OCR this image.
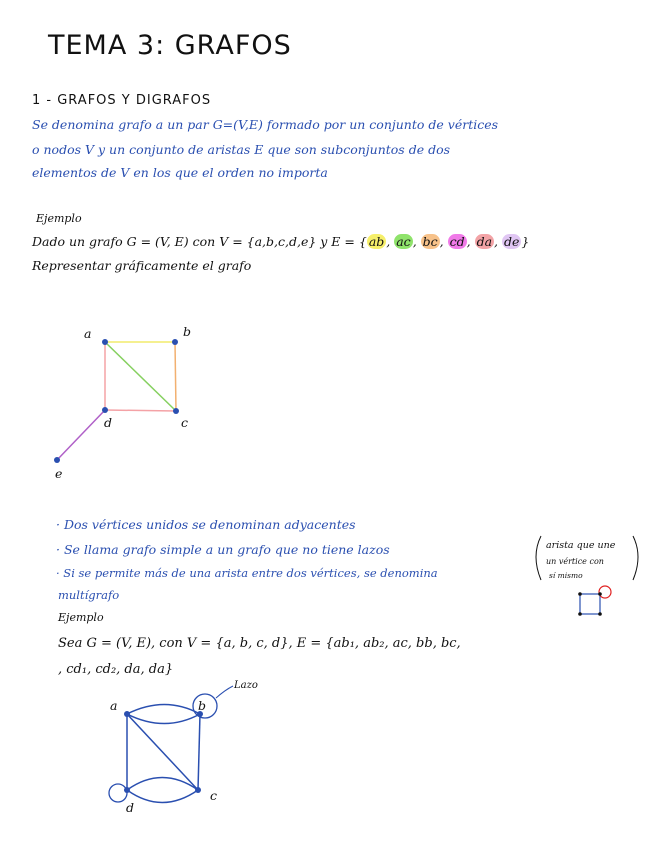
TEMA 3: GRAFOS
1 - GRAFOS Y DIGRAFOS
Se denomina grafo a un par G=(V,E) formado por un conjunto de vértices
o nodos V y un conjunto de aristas E que son subconjuntos de dos
elementos de V en los que el orden no importa
Ejemplo
Dado un grafo G = (V, E) con V = {a,b,c,d,e} y E = { ab , ac , bc , cd , da , de }
Representar gráficamente el grafo
a	b
c
d
e
· Dos vértices unidos se denominan adyacentes
· Se llama grafo simple a un grafo que no tiene lazos
· Si se permite más de una arista entre dos vértices, se denomina
multígrafo
arista que une
un vértice con
sí mismo
Ejemplo
Sea G = (V, E), con V = {a, b, c, d}, E = {ab₁, ab₂, ac, bb, bc,
, cd₁, cd₂, da, da}
Lazo
a	b
c
d
